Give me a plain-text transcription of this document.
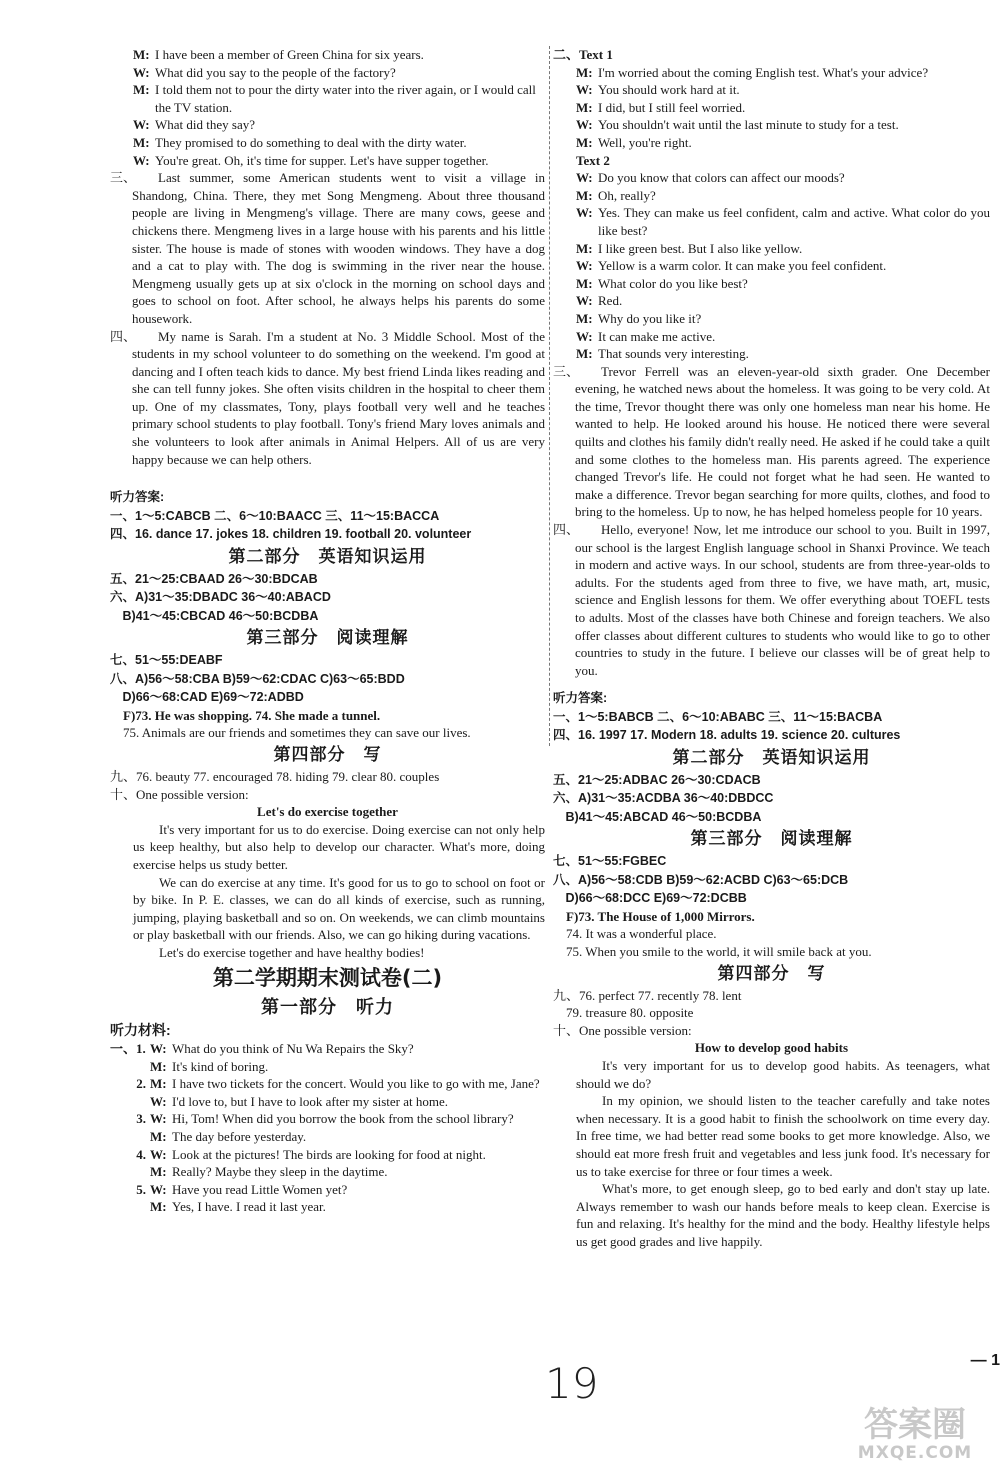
M: I have been a member of Green China for six years.
W: What did you say to the people of the factory?
M: I told them not to pour the dirty water into the river again, or I would call the TV station.
W: What did they say?
M: They promised to do something to deal with the dirty water.
W: You're great. Oh, it's time for supper. Let's have supper together.
三、	Last summer, some American students went to visit a village in Shandong, China. There, they met Song Mengmeng. About three thousand people are living in Mengmeng's village. There are many cows, geese and chickens there. Mengmeng lives in a large house with his parents and his little sister. The house is made of stones with wooden windows. They have a dog and a cat to play with. The dog is swimming in the river near the house. Mengmeng usually gets up at six o'clock in the morning on school days and goes to school on foot. After school, he always helps his parents do some housework.

四、	My name is Sarah. I'm a student at No. 3 Middle School. Most of the students in my school volunteer to do something on the weekend. I'm good at dancing and I often teach kids to dance. My best friend Linda likes reading and she can tell funny jokes. She often visits children in the hospital to cheer them up. One of my classmates, Tony, plays football very well and he teaches primary school students to play football. Tony's friend Mary loves animals and she volunteers to look after animals in Animal Helpers. All of us are very happy because we can help others.

听力答案:
一、1～5:CABCB 二、6～10:BAACC 三、11～15:BACCA
四、16. dance 17. jokes 18. children 19. football 20. volunteer
第二部分　英语知识运用
五、21～25:CBAAD 26～30:BDCAB
六、A)31～35:DBADC 36～40:ABACD
　B)41～45:CBCAD 46～50:BCDBA
第三部分　阅读理解
七、51～55:DEABF
八、A)56～58:CBA B)59～62:CDAC C)63～65:BDD
　D)66～68:CAD E)69～72:ADBD
　F)73. He was shopping. 74. She made a tunnel.
　75. Animals are our friends and sometimes they can save our lives.
第四部分　写
九、76. beauty 77. encouraged 78. hiding 79. clear 80. couples
十、One possible version:
Let's do exercise together

It's very important for us to do exercise. Doing exercise can not only help us keep healthy, but also help to develop our character. What's more, doing exercise helps us study better.

We can do exercise at any time. It's good for us to go to school on foot or by bike. In P. E. classes, we can do all kinds of exercise, such as running, jumping, playing basketball and so on. On weekends, we can climb mountains or play basketball with our friends. Also, we can go hiking during vacations.

Let's do exercise together and have healthy bodies!

第二学期期末测试卷(二)
第一部分　听力
听力材料:
一、1. W: What do you think of Nu Wa Repairs the Sky?
M: It's kind of boring.
2. M: I have two tickets for the concert. Would you like to go with me, Jane?
W: I'd love to, but I have to look after my sister at home.
3. W: Hi, Tom! When did you borrow the book from the school library?
M: The day before yesterday.
4. W: Look at the pictures! The birds are looking for food at night.
M: Really? Maybe they sleep in the daytime.
5. W: Have you read Little Women yet?
M: Yes, I have. I read it last year.
二、Text 1
M: I'm worried about the coming English test. What's your advice?
W: You should work hard at it.
M: I did, but I still feel worried.
W: You shouldn't wait until the last minute to study for a test.
M: Well, you're right.
Text 2
W: Do you know that colors can affect our moods?
M: Oh, really?
W: Yes. They can make us feel confident, calm and active. What color do you like best?
M: I like green best. But I also like yellow.
W: Yellow is a warm color. It can make you feel confident.
M: What color do you like best?
W: Red.
M: Why do you like it?
W: It can make me active.
M: That sounds very interesting.
三、	Trevor Ferrell was an eleven-year-old sixth grader. One December evening, he watched news about the homeless. It was going to be very cold. At the time, Trevor thought there was only one homeless man near his home. He wanted to help. He looked around his house. He noticed there were several quilts and clothes his family didn't really need. He asked if he could take a quilt and some clothes to the homeless man. His parents agreed. The experience changed Trevor's life. He could not forget what he had seen. He wanted to make a difference. Trevor began searching for more quilts, clothes, and food to bring to the homeless. Up to now, he has helped homeless people for 10 years.

四、	Hello, everyone! Now, let me introduce our school to you. Built in 1997, our school is the largest English language school in Shanxi Province. We teach in modern and active ways. In our school, students are from three-year-olds to adults. For the students aged from three to five, we have math, art, music, science and English lessons for them. We offer everything about TOEFL tests to adults. Most of the classes have both Chinese and foreign teachers. We also offer classes about different cultures to students who would like to go to other countries to study in the future. I believe our classes will be of great help to you.

听力答案:
一、1～5:BABCB 二、6～10:ABABC 三、11～15:BACBA
四、16. 1997 17. Modern 18. adults 19. science 20. cultures
第二部分　英语知识运用
五、21～25:ADBAC 26～30:CDACB
六、A)31～35:ACDBA 36～40:DBDCC
　B)41～45:ABCAD 46～50:BCDBA
第三部分　阅读理解
七、51～55:FGBEC
八、A)56～58:CDB B)59～62:ACBD C)63～65:DCB
　D)66～68:DCC E)69～72:DCBB
　F)73. The House of 1,000 Mirrors.
　74. It was a wonderful place.
　75. When you smile to the world, it will smile back at you.
第四部分　写
九、76. perfect 77. recently 78. lent
　79. treasure 80. opposite
十、One possible version:
How to develop good habits

It's very important for us to develop good habits. As teenagers, what should we do?

In my opinion, we should listen to the teacher carefully and take notes when necessary. It is a good habit to finish the schoolwork on time every day. In free time, we had better read some books to get more knowledge. Also, we should eat more fresh fruit and vegetables and less junk food. It's necessary for us to take exercise for three or four times a week.

What's more, to get enough sleep, go to bed early and don't stay up late. Always remember to wash our hands before meals to keep clean. Exercise is fun and relaxing. It's healthy for the mind and the body. Healthy lifestyle helps us get good grades and live happily.

— 1
19
答案圈
MXQE.COM
